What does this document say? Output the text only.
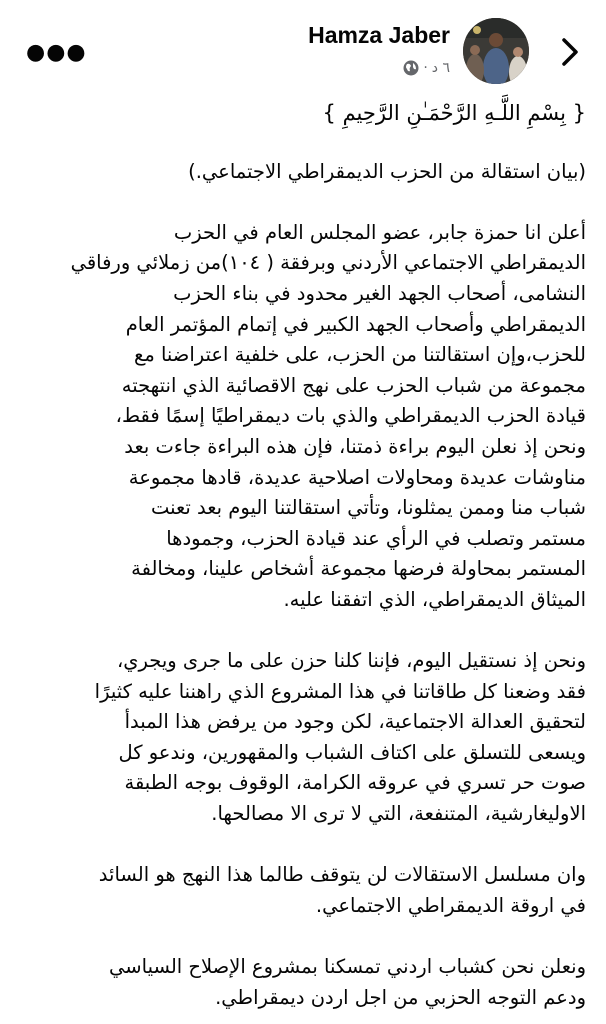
Hamza Jaber
٦ د
·
●●●
{ بِسْمِ اللَّـهِ الرَّحْمَـٰنِ الرَّحِيمِ }
(بيان استقالة من الحزب الديمقراطي الاجتماعي.)
أعلن انا حمزة جابر، عضو المجلس العام في الحزب
الديمقراطي الاجتماعي الأردني وبرفقة ( ١٠٤)من زملائي ورفاقي
النشامى، أصحاب الجهد الغير محدود في بناء الحزب
الديمقراطي وأصحاب الجهد الكبير في إتمام المؤتمر العام
للحزب،وإن استقالتنا من الحزب، على خلفية اعتراضنا مع
مجموعة من شباب الحزب على نهج الاقصائية الذي انتهجته
قيادة الحزب الديمقراطي والذي بات ديمقراطيًا إسمًا فقط،
ونحن إذ نعلن اليوم براءة ذمتنا، فإن هذه البراءة جاءت بعد
مناوشات عديدة ومحاولات اصلاحية عديدة، قادها مجموعة
شباب منا وممن يمثلونا، وتأتي استقالتنا اليوم بعد تعنت
مستمر وتصلب في الرأي عند قيادة الحزب، وجمودها
المستمر بمحاولة فرضها مجموعة أشخاص علينا، ومخالفة
الميثاق الديمقراطي، الذي اتفقنا عليه.
ونحن إذ نستقيل اليوم، فإننا كلنا حزن على ما جرى ويجري،
فقد وضعنا كل طاقاتنا في هذا المشروع الذي راهننا عليه كثيرًا
لتحقيق العدالة الاجتماعية، لكن وجود من يرفض هذا المبدأ
ويسعى للتسلق على اكتاف الشباب والمقهورين، وندعو كل
صوت حر تسري في عروقه الكرامة، الوقوف بوجه الطبقة
الاوليغارشية، المتنفعة، التي لا ترى الا مصالحها.
وان مسلسل الاستقالات لن يتوقف طالما هذا النهج هو السائد
في اروقة الديمقراطي الاجتماعي.
ونعلن نحن كشباب اردني تمسكنا بمشروع الإصلاح السياسي
ودعم التوجه الحزبي من اجل اردن ديمقراطي.
